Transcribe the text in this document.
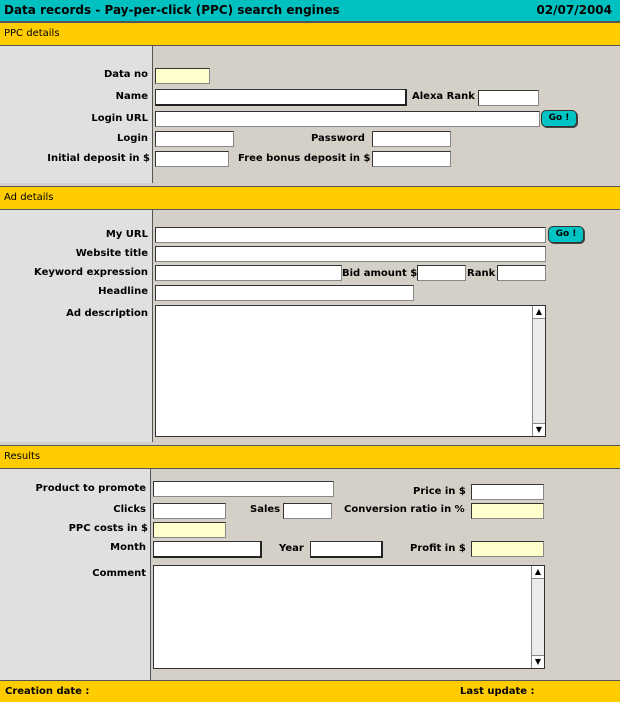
Data records - Pay-per-click (PPC) search engines	02/07/2004
PPC details
Data no
Name	Alexa Rank
Login URL	Go !
Login	Password
Initial deposit in $	Free bonus deposit in $
Ad details
My URL	Go !
Website title
Keyword expression	Bid amount $	Rank
Headline
Ad description	▲
▼
Results
Product to promote	Price in $
Clicks	Sales	Conversion ratio in %
PPC costs in $
Month	Year	Profit in $
Comment	▲
▼
Creation date :	Last update :
